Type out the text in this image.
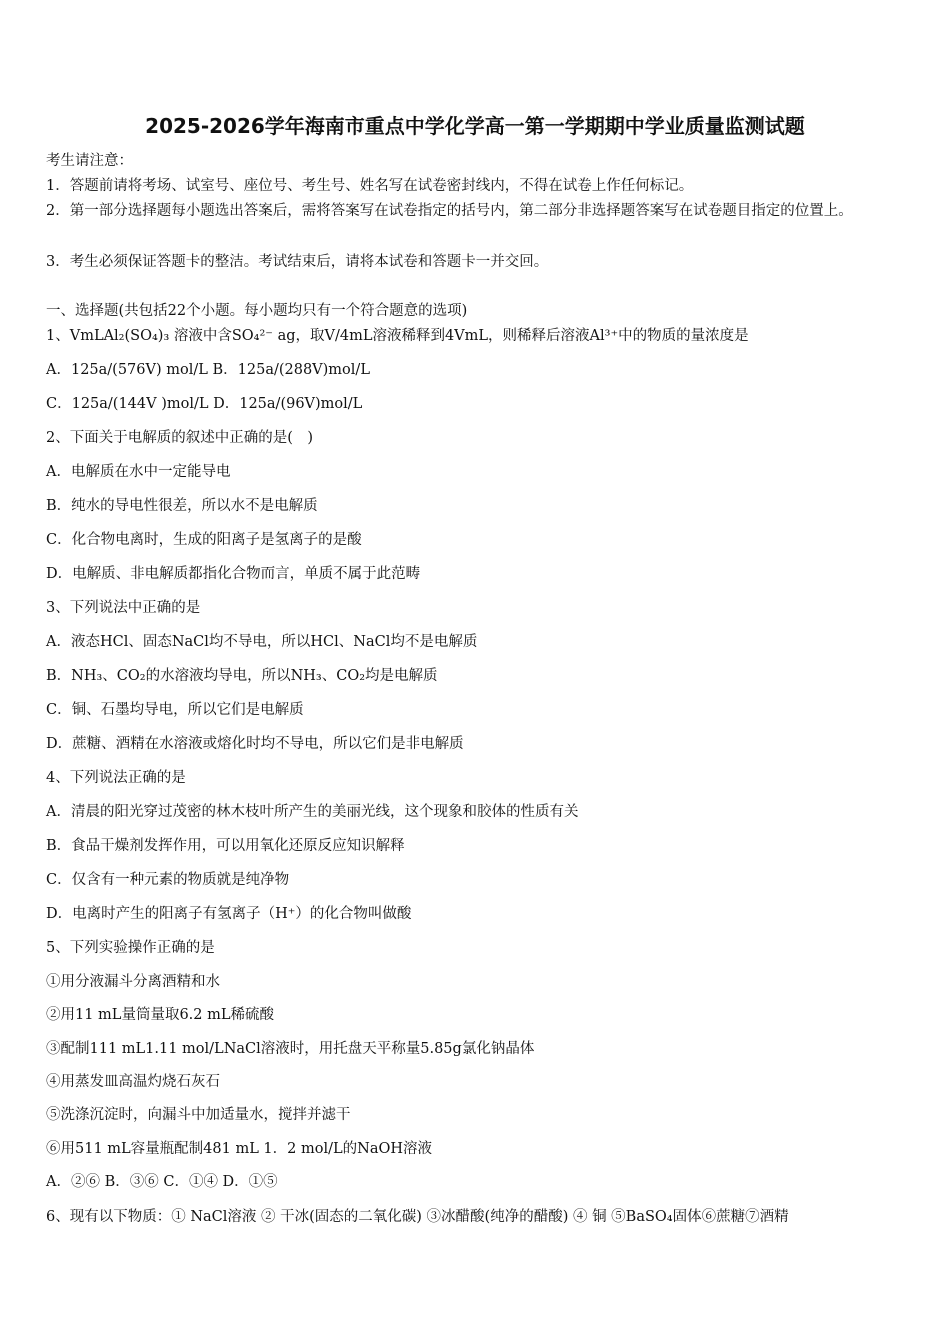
2025-2026学年海南市重点中学化学高一第一学期期中学业质量监测试题
考生请注意：
1．答题前请将考场、试室号、座位号、考生号、姓名写在试卷密封线内，不得在试卷上作任何标记。
2．第一部分选择题每小题选出答案后，需将答案写在试卷指定的括号内，第二部分非选择题答案写在试卷题目指定的位置上。
3．考生必须保证答题卡的整洁。考试结束后，请将本试卷和答题卡一并交回。
一、选择题(共包括22个小题。每小题均只有一个符合题意的选项)
1、VmLAl₂(SO₄)₃ 溶液中含SO₄²⁻ ag，取V/4mL溶液稀释到4VmL，则稀释后溶液Al³⁺中的物质的量浓度是
A．125a/(576V) mol/L B．125a/(288V)mol/L
C．125a/(144V )mol/L D．125a/(96V)mol/L
2、下面关于电解质的叙述中正确的是(　)
A．电解质在水中一定能导电
B．纯水的导电性很差，所以水不是电解质
C．化合物电离时，生成的阳离子是氢离子的是酸
D．电解质、非电解质都指化合物而言，单质不属于此范畴
3、下列说法中正确的是
A．液态HCl、固态NaCl均不导电，所以HCl、NaCl均不是电解质
B．NH₃、CO₂的水溶液均导电，所以NH₃、CO₂均是电解质
C．铜、石墨均导电，所以它们是电解质
D．蔗糖、酒精在水溶液或熔化时均不导电，所以它们是非电解质
4、下列说法正确的是
A．清晨的阳光穿过茂密的林木枝叶所产生的美丽光线，这个现象和胶体的性质有关
B．食品干燥剂发挥作用，可以用氧化还原反应知识解释
C．仅含有一种元素的物质就是纯净物
D．电离时产生的阳离子有氢离子（H⁺）的化合物叫做酸
5、下列实验操作正确的是
①用分液漏斗分离酒精和水
②用11 mL量筒量取6.2 mL稀硫酸
③配制111 mL1.11 mol/LNaCl溶液时，用托盘天平称量5.85g氯化钠晶体
④用蒸发皿高温灼烧石灰石
⑤洗涤沉淀时，向漏斗中加适量水，搅拌并滤干
⑥用511 mL容量瓶配制481 mL 1．2 mol/L的NaOH溶液
A．②⑥ B．③⑥ C．①④ D．①⑤
6、现有以下物质：① NaCl溶液 ② 干冰(固态的二氧化碳) ③冰醋酸(纯净的醋酸) ④ 铜 ⑤BaSO₄固体⑥蔗糖⑦酒精
